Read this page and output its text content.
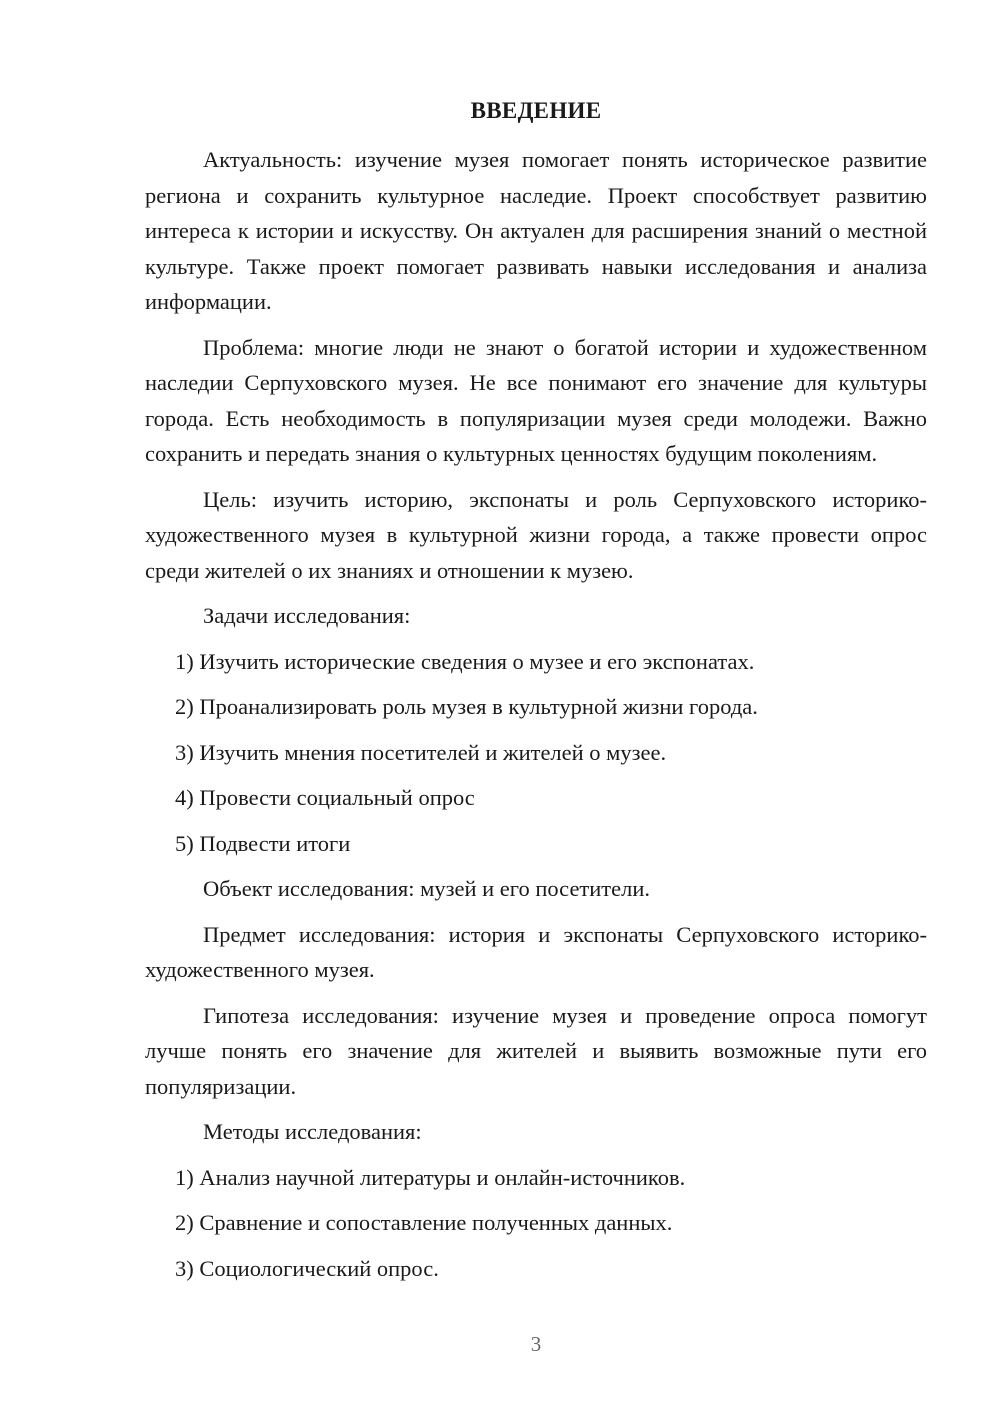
ВВЕДЕНИЕ

Актуальность: изучение музея помогает понять историческое развитие региона и сохранить культурное наследие. Проект способствует развитию интереса к истории и искусству. Он актуален для расширения знаний о местной культуре. Также проект помогает развивать навыки исследования и анализа информации.

Проблема: многие люди не знают о богатой истории и художественном наследии Серпуховского музея. Не все понимают его значение для культуры города. Есть необходимость в популяризации музея среди молодежи. Важно сохранить и передать знания о культурных ценностях будущим поколениям.

Цель: изучить историю, экспонаты и роль Серпуховского историко-художественного музея в культурной жизни города, а также провести опрос среди жителей о их знаниях и отношении к музею.

Задачи исследования:

1) Изучить исторические сведения о музее и его экспонатах.

2) Проанализировать роль музея в культурной жизни города.

3) Изучить мнения посетителей и жителей о музее.

4) Провести социальный опрос

5) Подвести итоги

Объект исследования: музей и его посетители.

Предмет исследования: история и экспонаты Серпуховского историко-художественного музея.

Гипотеза исследования: изучение музея и проведение опроса помогут лучше понять его значение для жителей и выявить возможные пути его популяризации.

Методы исследования:

1) Анализ научной литературы и онлайн-источников.

2) Сравнение и сопоставление полученных данных.

3) Социологический опрос.

3
